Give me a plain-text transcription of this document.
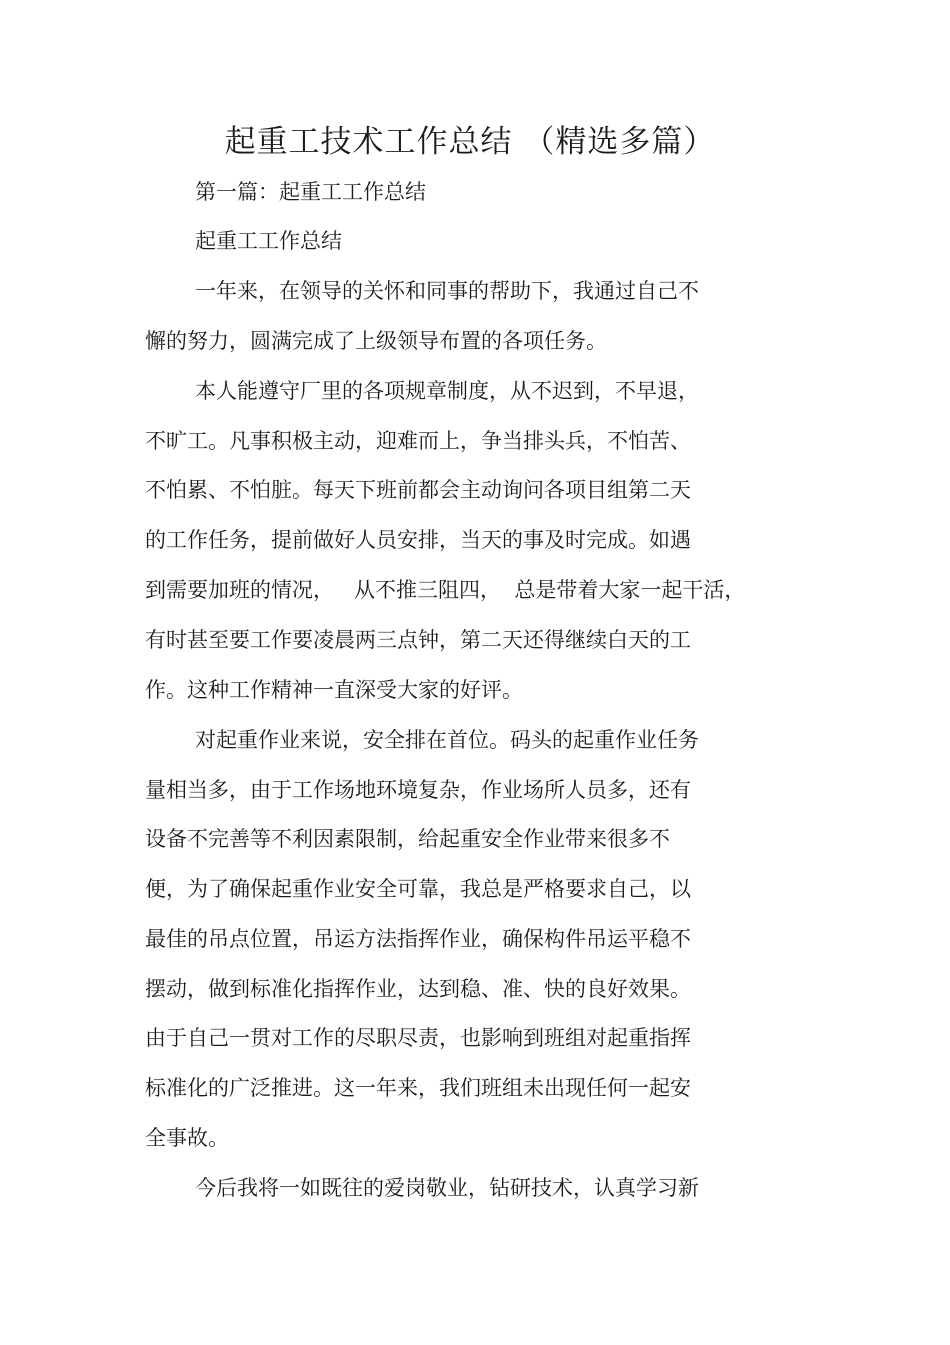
起重工技术工作总结 （精选多篇）
第一篇：起重工工作总结
起重工工作总结
一年来，在领导的关怀和同事的帮助下，我通过自己不
懈的努力，圆满完成了上级领导布置的各项任务。
本人能遵守厂里的各项规章制度，从不迟到，不早退，
不旷工。凡事积极主动，迎难而上，争当排头兵，不怕苦、
不怕累、不怕脏。每天下班前都会主动询问各项目组第二天
的工作任务，提前做好人员安排，当天的事及时完成。如遇
到需要加班的情况，   从不推三阻四，  总是带着大家一起干活，
有时甚至要工作要凌晨两三点钟，第二天还得继续白天的工
作。这种工作精神一直深受大家的好评。
对起重作业来说，安全排在首位。码头的起重作业任务
量相当多，由于工作场地环境复杂，作业场所人员多，还有
设备不完善等不利因素限制，给起重安全作业带来很多不
便，为了确保起重作业安全可靠，我总是严格要求自己，以
最佳的吊点位置，吊运方法指挥作业，确保构件吊运平稳不
摆动，做到标准化指挥作业，达到稳、准、快的良好效果。
由于自己一贯对工作的尽职尽责，也影响到班组对起重指挥
标准化的广泛推进。这一年来，我们班组未出现任何一起安
全事故。
今后我将一如既往的爱岗敬业，钻研技术，认真学习新
